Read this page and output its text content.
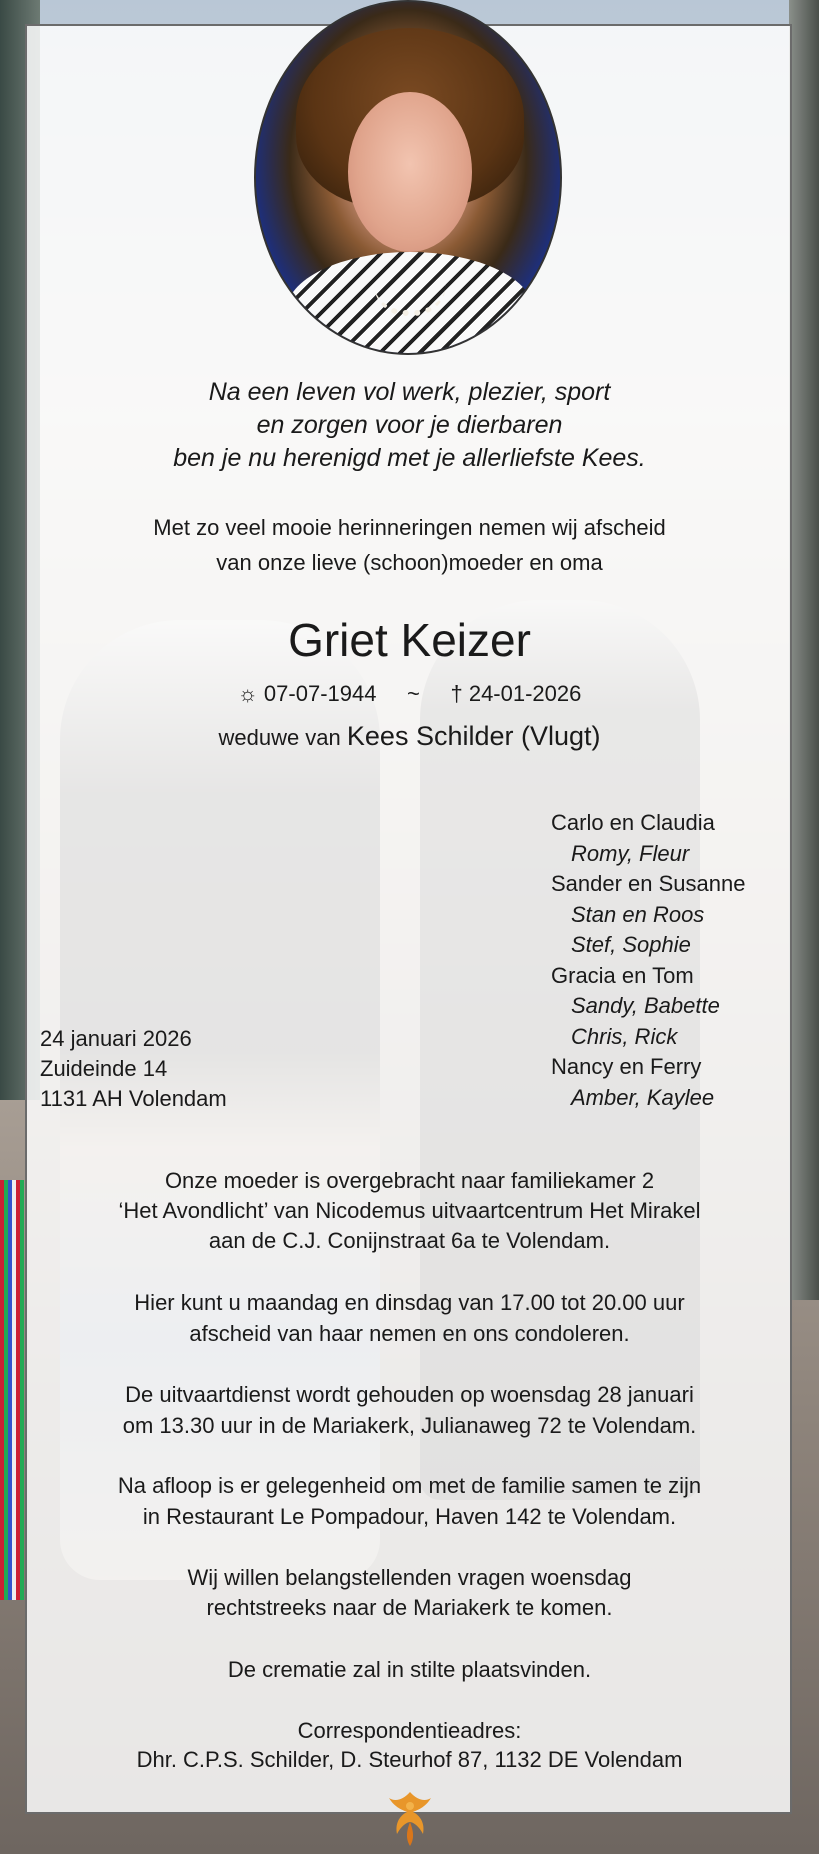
Na een leven vol werk, plezier, sport
en zorgen voor je dierbaren
ben je nu herenigd met je allerliefste Kees.
Met zo veel mooie herinneringen nemen wij afscheid
van onze lieve (schoon)moeder en oma
Griet Keizer
☼ 07-07-1944 ~ † 24-01-2026
weduwe van Kees Schilder (Vlugt)
Carlo en Claudia
Romy, Fleur
Sander en Susanne
Stan en Roos
Stef, Sophie
Gracia en Tom
Sandy, Babette
Chris, Rick
Nancy en Ferry
Amber, Kaylee
24 januari 2026
Zuideinde 14
1131 AH Volendam
Onze moeder is overgebracht naar familiekamer 2
‘Het Avondlicht’ van Nicodemus uitvaartcentrum Het Mirakel
aan de C.J. Conijnstraat 6a te Volendam.
Hier kunt u maandag en dinsdag van 17.00 tot 20.00 uur
afscheid van haar nemen en ons condoleren.
De uitvaartdienst wordt gehouden op woensdag 28 januari
om 13.30 uur in de Mariakerk, Julianaweg 72 te Volendam.
Na afloop is er gelegenheid om met de familie samen te zijn
in Restaurant Le Pompadour, Haven 142 te Volendam.
Wij willen belangstellenden vragen woensdag
rechtstreeks naar de Mariakerk te komen.
De crematie zal in stilte plaatsvinden.
Correspondentieadres:
Dhr. C.P.S. Schilder, D. Steurhof 87, 1132 DE Volendam
